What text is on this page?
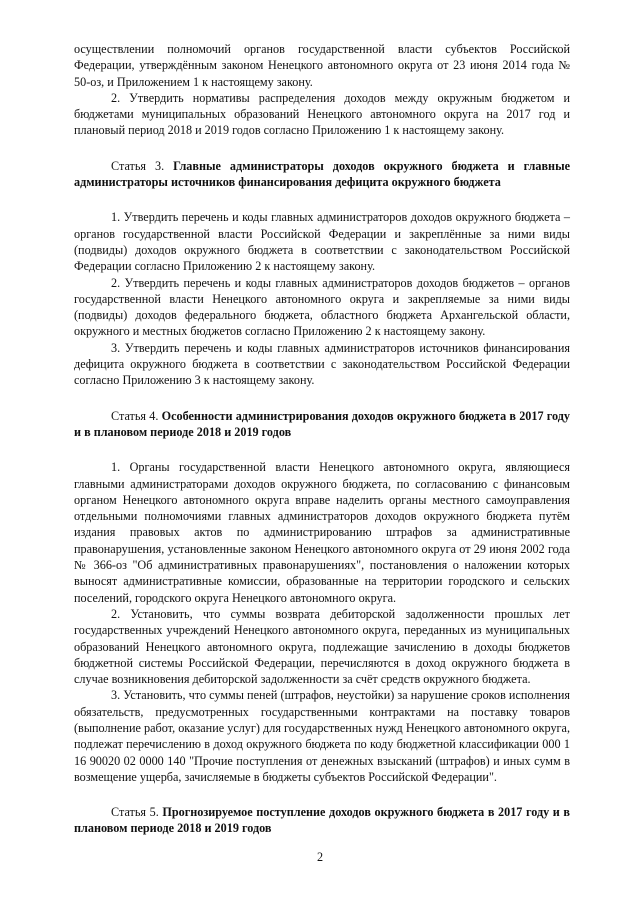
осуществлении полномочий органов государственной власти субъектов Российской Федерации, утверждённым законом Ненецкого автономного округа от 23 июня 2014 года № 50-оз, и Приложением 1 к настоящему закону.

2. Утвердить нормативы распределения доходов между окружным бюджетом и бюджетами муниципальных образований Ненецкого автономного округа на 2017 год и плановый период 2018 и 2019 годов согласно Приложению 1 к настоящему закону.

Статья 3. Главные администраторы доходов окружного бюджета и главные администраторы источников финансирования дефицита окружного бюджета

1. Утвердить перечень и коды главных администраторов доходов окружного бюджета – органов государственной власти Российской Федерации и закреплённые за ними виды (подвиды) доходов окружного бюджета в соответствии с законодательством Российской Федерации согласно Приложению 2 к настоящему закону.

2. Утвердить перечень и коды главных администраторов доходов бюджетов – органов государственной власти Ненецкого автономного округа и закрепляемые за ними виды (подвиды) доходов федерального бюджета, областного бюджета Архангельской области, окружного и местных бюджетов согласно Приложению 2 к настоящему закону.

3. Утвердить перечень и коды главных администраторов источников финансирования дефицита окружного бюджета в соответствии с законодательством Российской Федерации согласно Приложению 3 к настоящему закону.

Статья 4. Особенности администрирования доходов окружного бюджета в 2017 году и в плановом периоде 2018 и 2019 годов

1. Органы государственной власти Ненецкого автономного округа, являющиеся главными администраторами доходов окружного бюджета, по согласованию с финансовым органом Ненецкого автономного округа вправе наделить органы местного самоуправления отдельными полномочиями главных администраторов доходов окружного бюджета путём издания правовых актов по администрированию штрафов за административные правонарушения, установленные законом Ненецкого автономного округа от 29 июня 2002 года № 366-оз "Об административных правонарушениях", постановления о наложении которых выносят административные комиссии, образованные на территории городского и сельских поселений, городского округа Ненецкого автономного округа.

2. Установить, что суммы возврата дебиторской задолженности прошлых лет государственных учреждений Ненецкого автономного округа, переданных из муниципальных образований Ненецкого автономного округа, подлежащие зачислению в доходы бюджетов бюджетной системы Российской Федерации, перечисляются в доход окружного бюджета в случае возникновения дебиторской задолженности за счёт средств окружного бюджета.

3. Установить, что суммы пеней (штрафов, неустойки) за нарушение сроков исполнения обязательств, предусмотренных государственными контрактами на поставку товаров (выполнение работ, оказание услуг) для государственных нужд Ненецкого автономного округа, подлежат перечислению в доход окружного бюджета по коду бюджетной классификации 000 1 16 90020 02 0000 140 "Прочие поступления от денежных взысканий (штрафов) и иных сумм в возмещение ущерба, зачисляемые в бюджеты субъектов Российской Федерации".

Статья 5. Прогнозируемое поступление доходов окружного бюджета в 2017 году и в плановом периоде 2018 и 2019 годов

2
